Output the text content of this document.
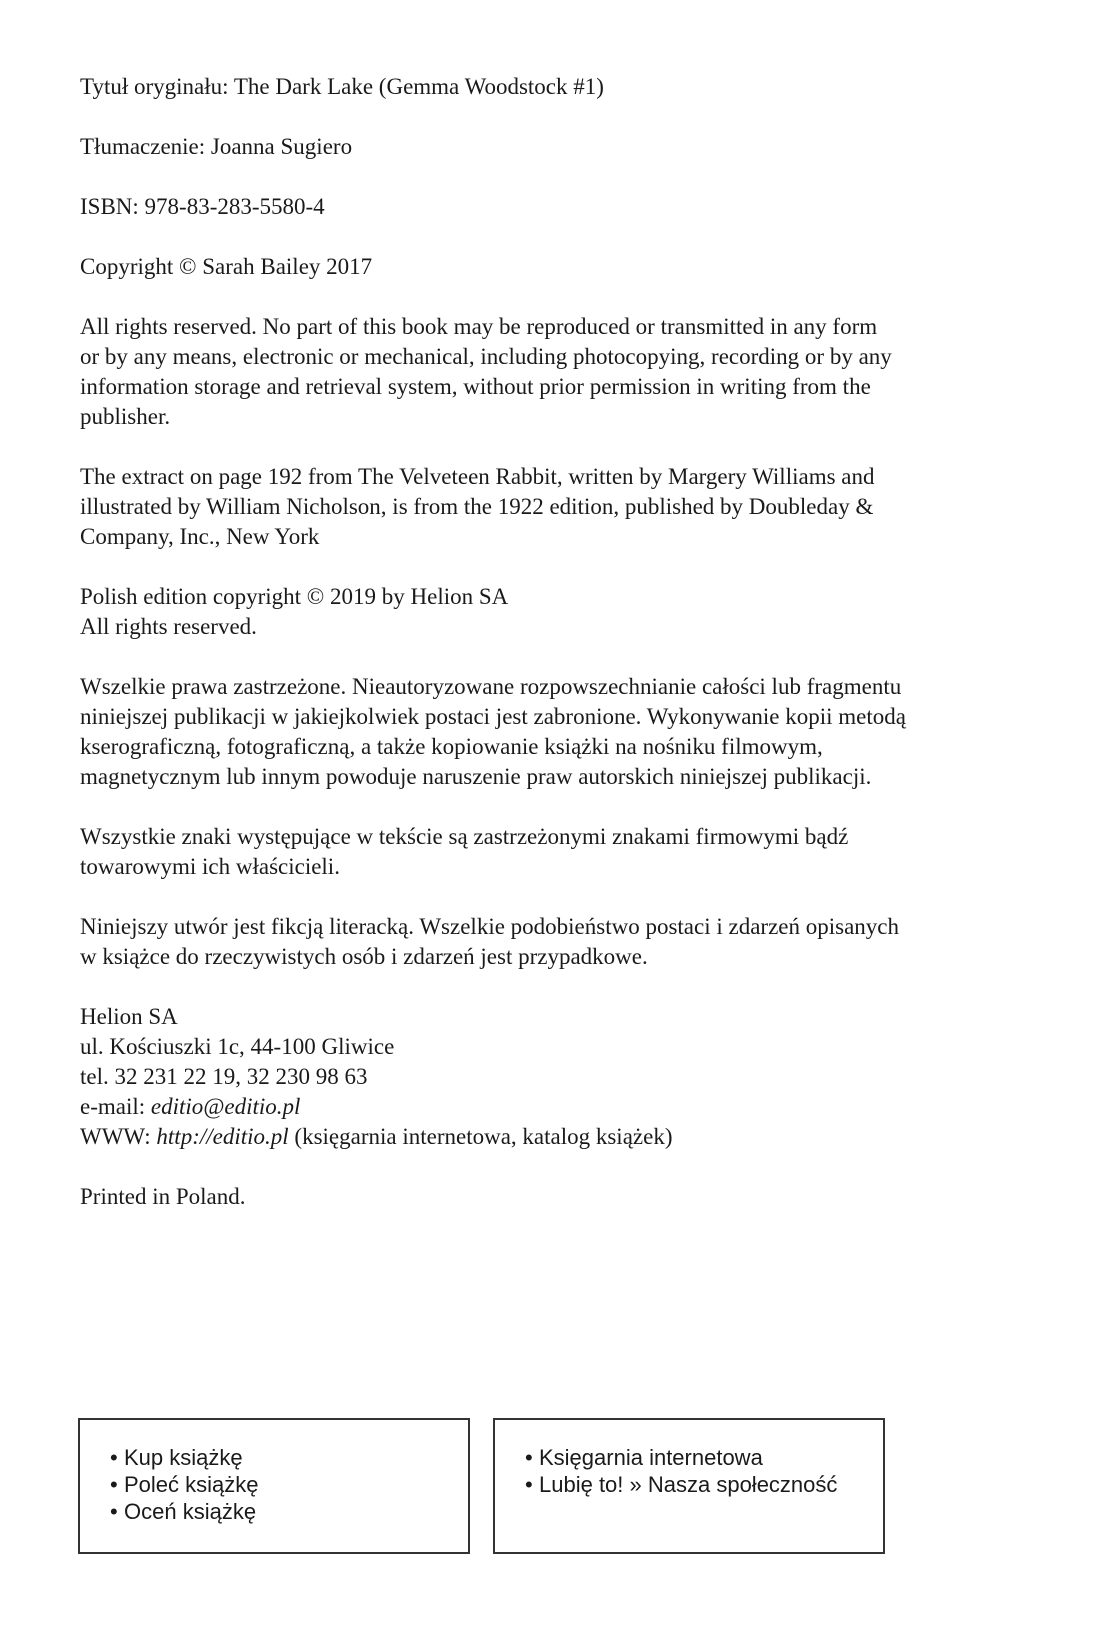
Tytuł oryginału: The Dark Lake (Gemma Woodstock #1)

Tłumaczenie: Joanna Sugiero

ISBN: 978-83-283-5580-4

Copyright © Sarah Bailey 2017

All rights reserved. No part of this book may be reproduced or transmitted in any form
or by any means, electronic or mechanical, including photocopying, recording or by any
information storage and retrieval system, without prior permission in writing from the
publisher.

The extract on page 192 from The Velveteen Rabbit, written by Margery Williams and
illustrated by William Nicholson, is from the 1922 edition, published by Doubleday &
Company, Inc., New York

Polish edition copyright © 2019 by Helion SA
All rights reserved.

Wszelkie prawa zastrzeżone. Nieautoryzowane rozpowszechnianie całości lub fragmentu
niniejszej publikacji w jakiejkolwiek postaci jest zabronione. Wykonywanie kopii metodą
kserograficzną, fotograficzną, a także kopiowanie książki na nośniku filmowym,
magnetycznym lub innym powoduje naruszenie praw autorskich niniejszej publikacji.

Wszystkie znaki występujące w tekście są zastrzeżonymi znakami firmowymi bądź
towarowymi ich właścicieli.

Niniejszy utwór jest fikcją literacką. Wszelkie podobieństwo postaci i zdarzeń opisanych
w książce do rzeczywistych osób i zdarzeń jest przypadkowe.

Helion SA
ul. Kościuszki 1c, 44-100 Gliwice
tel. 32 231 22 19, 32 230 98 63
e-mail: editio@editio.pl
WWW: http://editio.pl (księgarnia internetowa, katalog książek)

Printed in Poland.

• Kup książkę
• Poleć książkę
• Oceń książkę
• Księgarnia internetowa
• Lubię to! » Nasza społeczność
